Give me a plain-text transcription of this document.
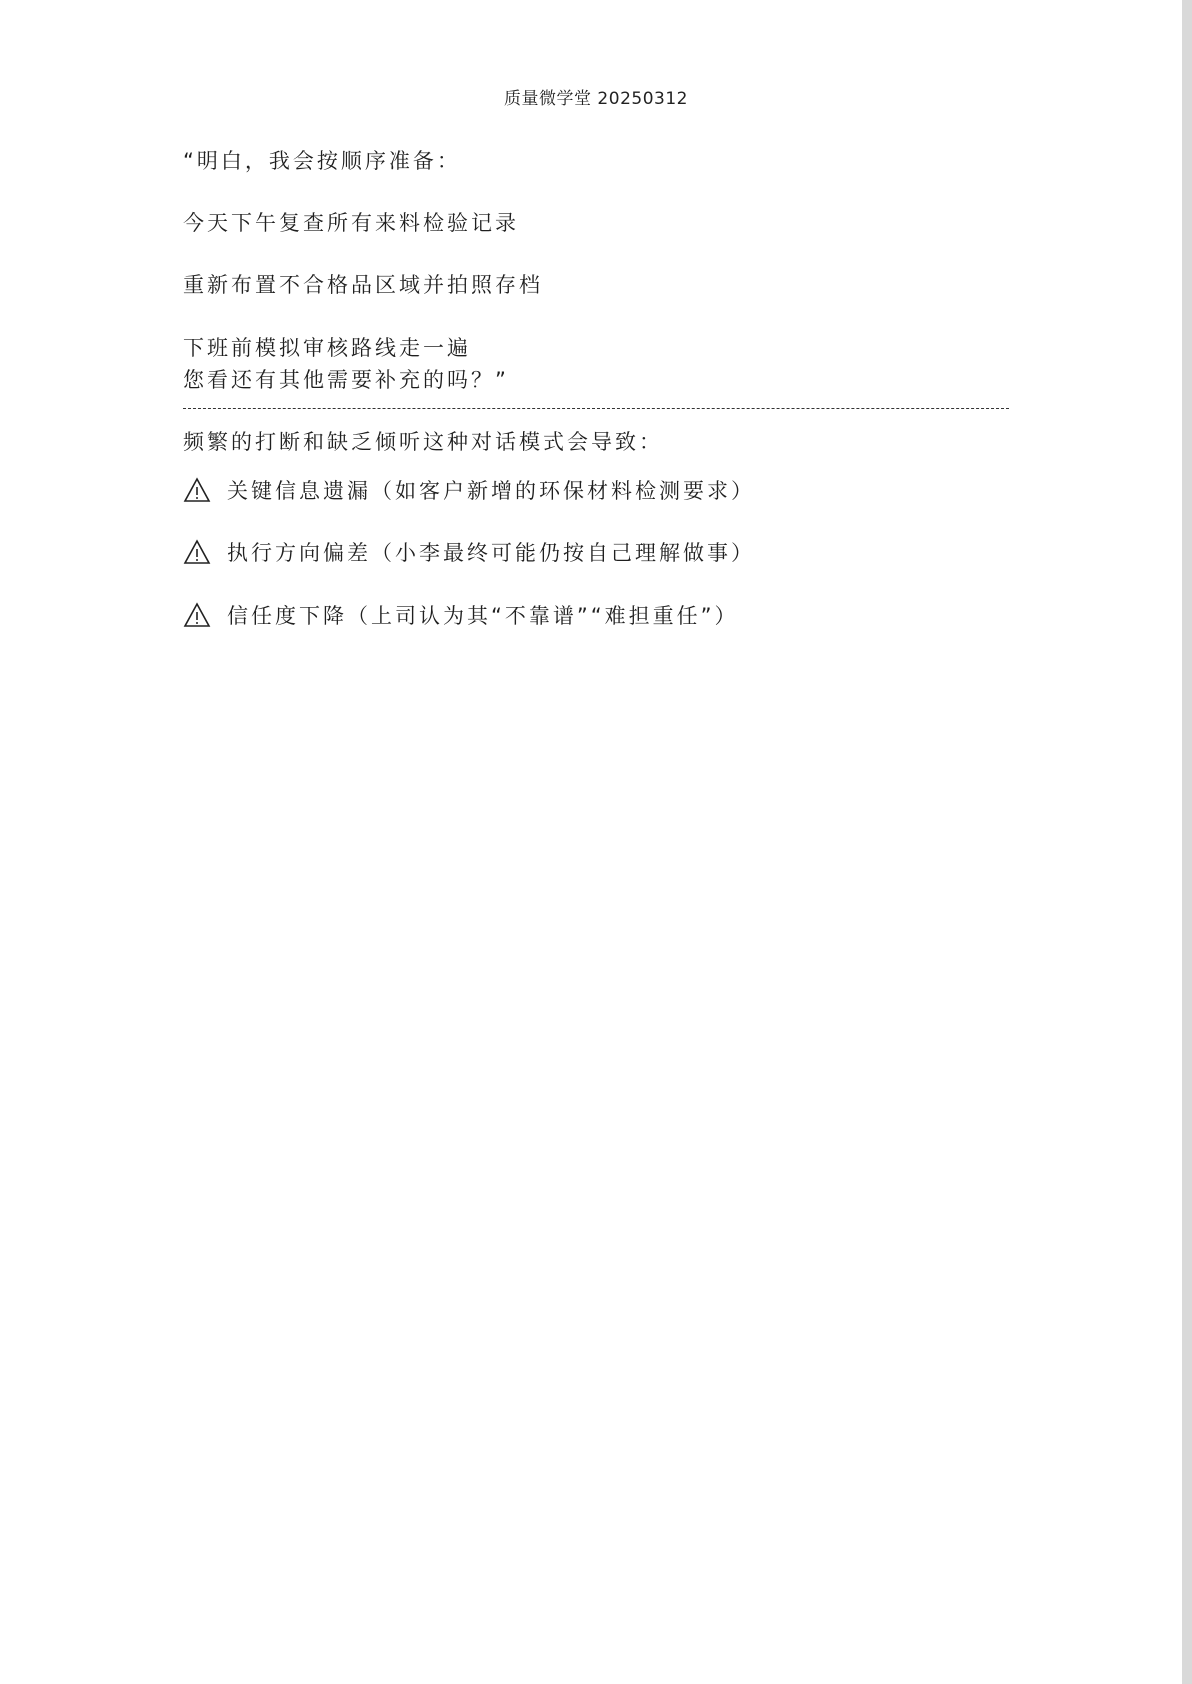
质量微学堂 20250312
“明白，我会按顺序准备：
今天下午复查所有来料检验记录
重新布置不合格品区域并拍照存档
下班前模拟审核路线走一遍
您看还有其他需要补充的吗？”
频繁的打断和缺乏倾听这种对话模式会导致：
关键信息遗漏（如客户新增的环保材料检测要求）
执行方向偏差（小李最终可能仍按自己理解做事）
信任度下降（上司认为其“不靠谱”“难担重任”）
